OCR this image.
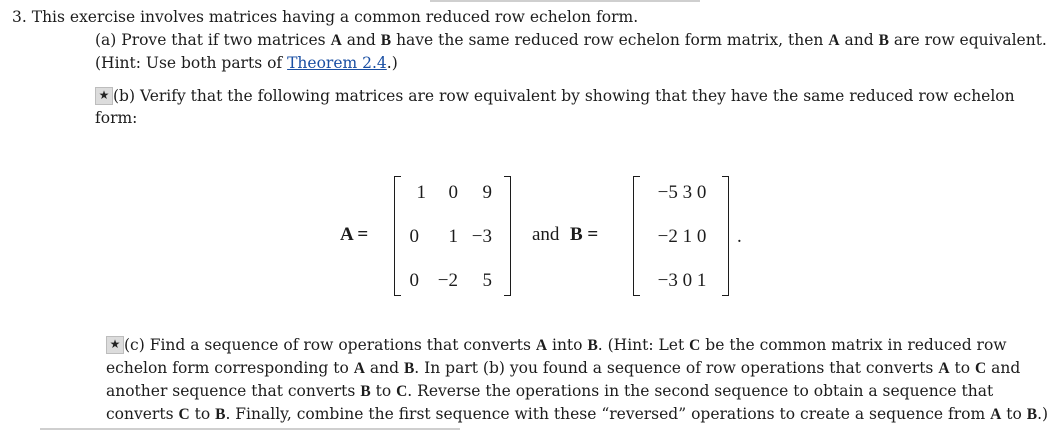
3. This exercise involves matrices having a common reduced row echelon form.
(a) Prove that if two matrices A and B have the same reduced row echelon form matrix, then A and B are row equivalent.
(Hint: Use both parts of Theorem 2.4.)
★ (b) Verify that the following matrices are row equivalent by showing that they have the same reduced row echelon
form:
A =
1	0	9
0	1 −3
0 −2	5
and B =
−5 3 0
−2 1 0
−3 0 1
.
★ (c) Find a sequence of row operations that converts A into B. (Hint: Let C be the common matrix in reduced row
echelon form corresponding to A and B. In part (b) you found a sequence of row operations that converts A to C and
another sequence that converts B to C. Reverse the operations in the second sequence to obtain a sequence that
converts C to B. Finally, combine the first sequence with these “reversed” operations to create a sequence from A to B.)
